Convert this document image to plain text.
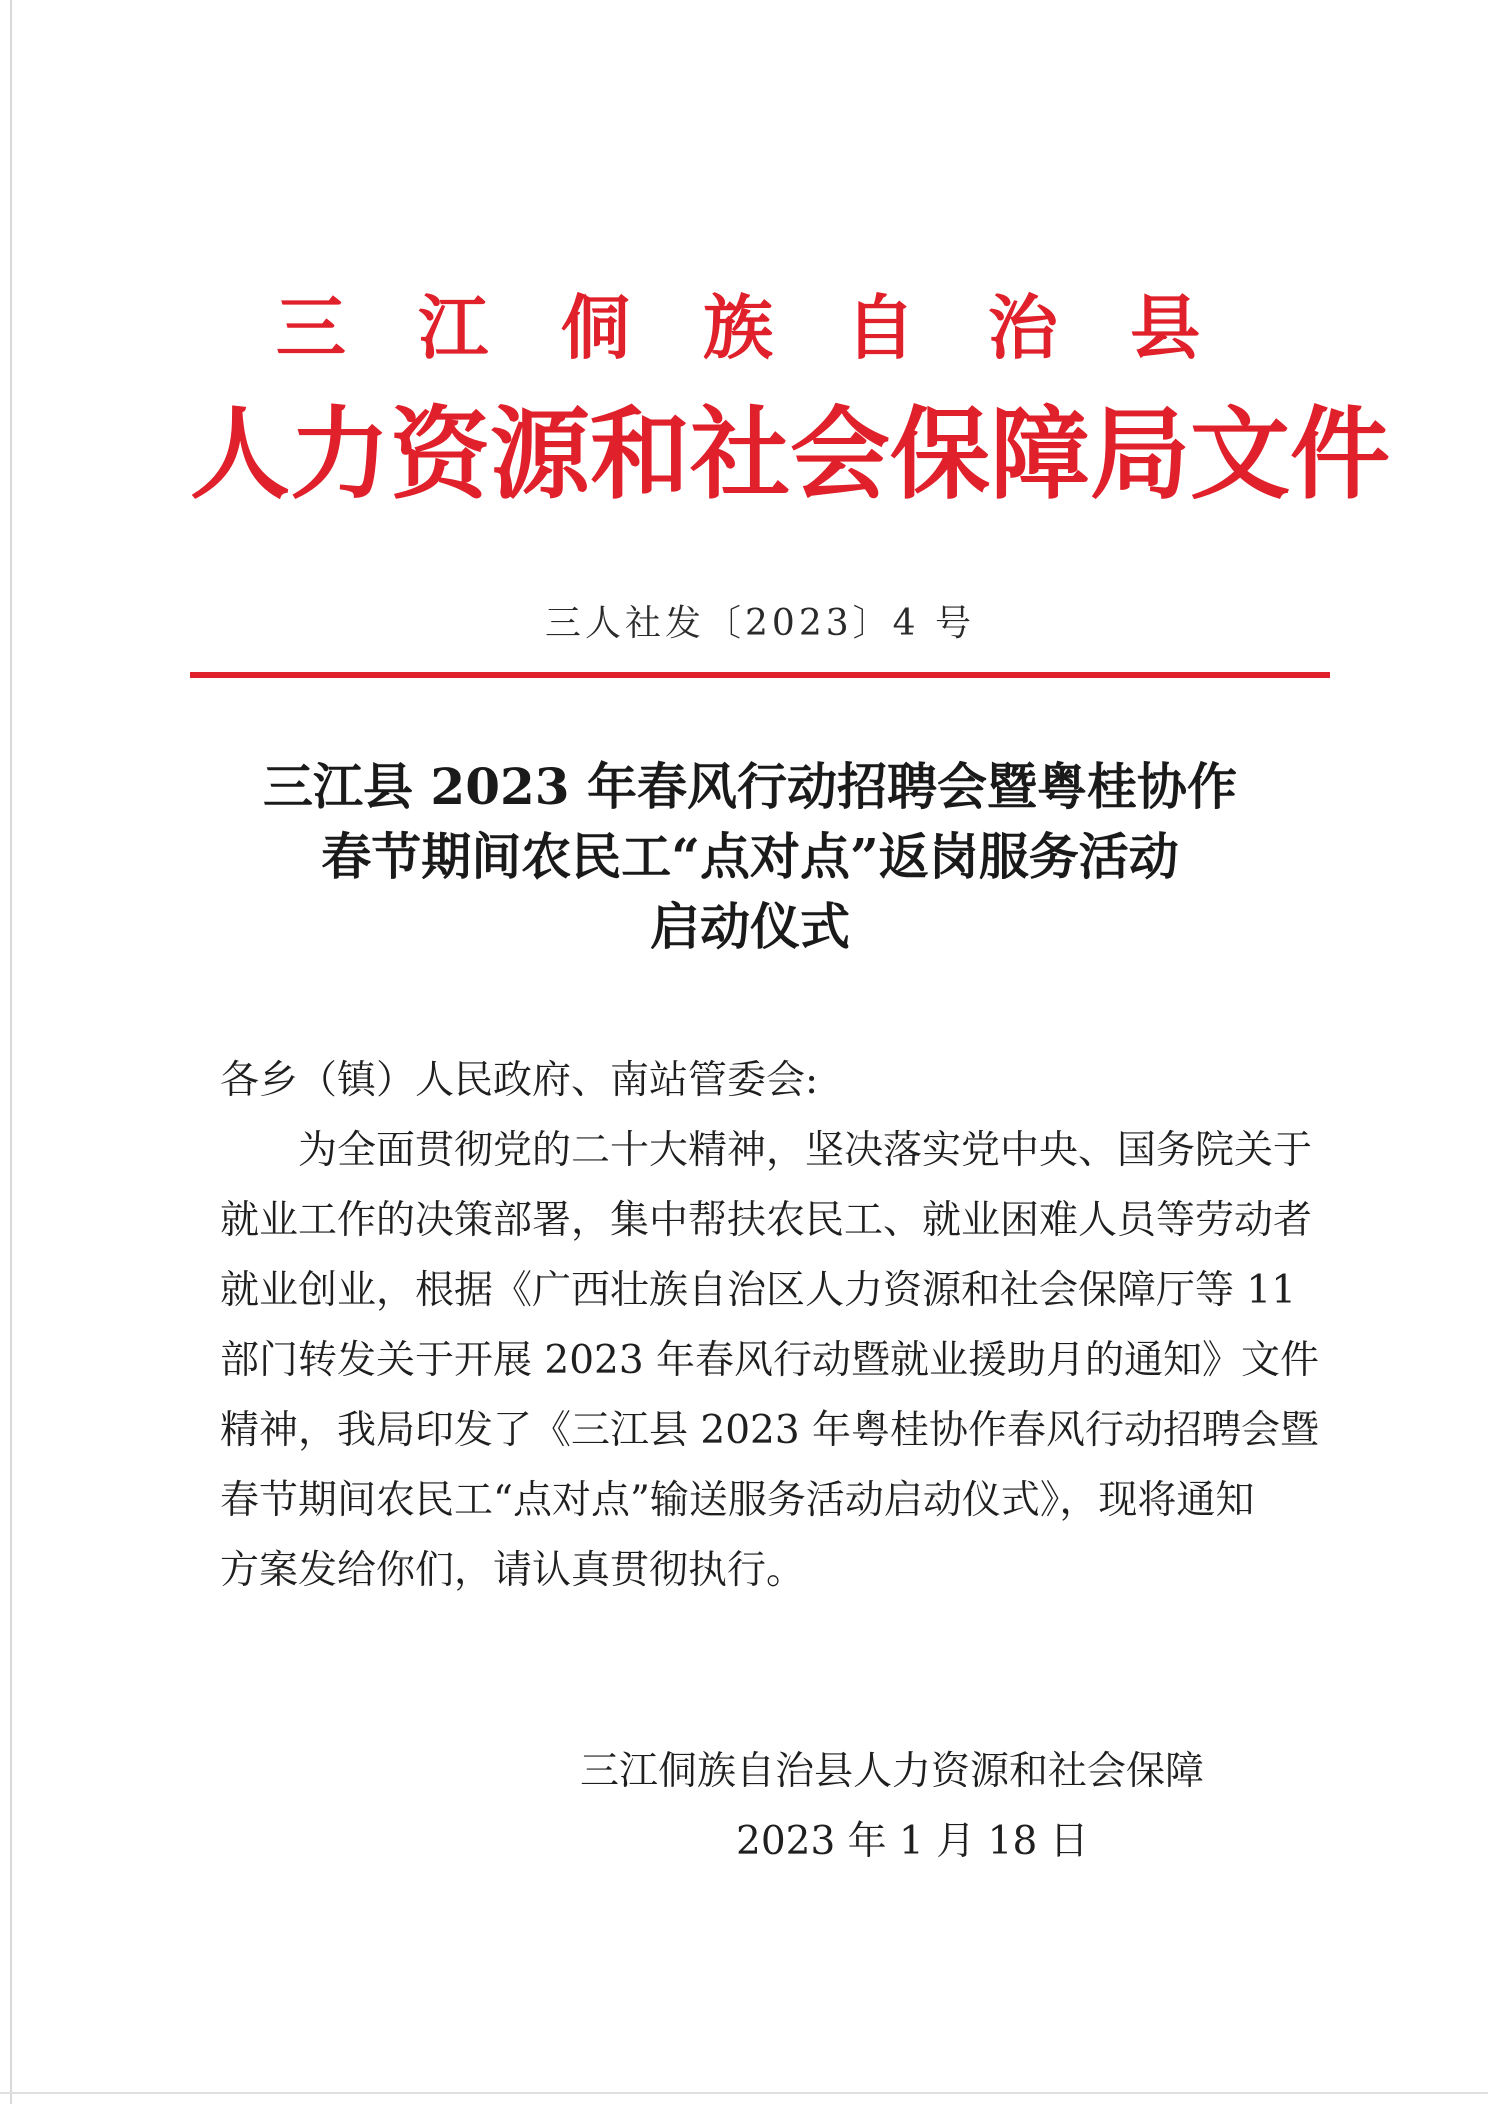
三 江 侗 族 自 治 县
人力资源和社会保障局文件
三人社发〔2023〕4 号
三江县 2023 年春风行动招聘会暨粤桂协作
春节期间农民工“点对点”返岗服务活动
启动仪式
各乡（镇）人民政府、南站管委会:
　　为全面贯彻党的二十大精神，坚决落实党中央、国务院关于
就业工作的决策部署，集中帮扶农民工、就业困难人员等劳动者
就业创业，根据《广西壮族自治区人力资源和社会保障厅等 11
部门转发关于开展 2023 年春风行动暨就业援助月的通知》文件
精神，我局印发了《三江县 2023 年粤桂协作春风行动招聘会暨
春节期间农民工“点对点”输送服务活动启动仪式》，现将通知
方案发给你们，请认真贯彻执行。
三江侗族自治县人力资源和社会保障
2023 年 1 月 18 日
